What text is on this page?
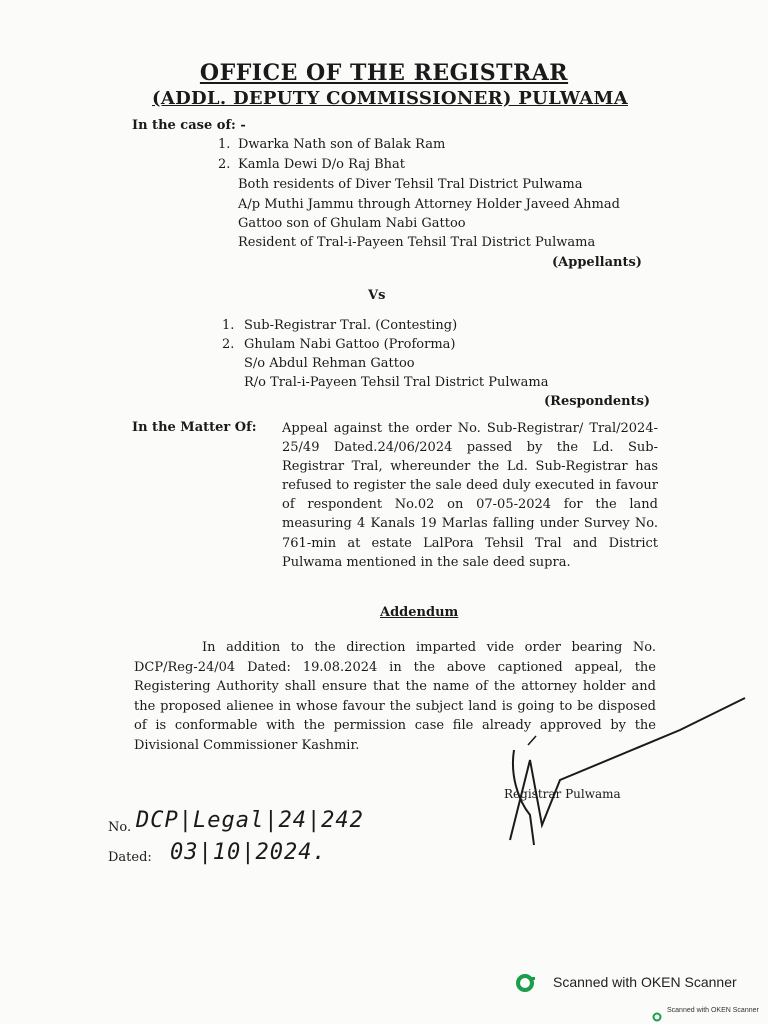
OFFICE OF THE REGISTRAR
(ADDL. DEPUTY COMMISSIONER) PULWAMA
In the case of: -
1. Dwarka Nath son of Balak Ram
2. Kamla Dewi D/o Raj Bhat
Both residents of Diver Tehsil Tral District Pulwama
A/p Muthi Jammu through Attorney Holder Javeed Ahmad
Gattoo son of Ghulam Nabi Gattoo
Resident of Tral-i-Payeen Tehsil Tral District Pulwama
(Appellants)
Vs
1. Sub-Registrar Tral. (Contesting)
2. Ghulam Nabi Gattoo (Proforma)
S/o Abdul Rehman Gattoo
R/o Tral-i-Payeen Tehsil Tral District Pulwama
(Respondents)
In the Matter Of: Appeal against the order No. Sub-Registrar/ Tral/2024-25/49 Dated.24/06/2024 passed by the Ld. Sub-Registrar Tral, whereunder the Ld. Sub-Registrar has refused to register the sale deed duly executed in favour of respondent No.02 on 07-05-2024 for the land measuring 4 Kanals 19 Marlas falling under Survey No. 761-min at estate LalPora Tehsil Tral and District Pulwama mentioned in the sale deed supra.
Addendum
In addition to the direction imparted vide order bearing No. DCP/Reg-24/04 Dated: 19.08.2024 in the above captioned appeal, the Registering Authority shall ensure that the name of the attorney holder and the proposed alienee in whose favour the subject land is going to be disposed of is conformable with the permission case file already approved by the Divisional Commissioner Kashmir.
Registrar Pulwama
No. DCP|Legal|24|242
Dated: 03|10|2024.
Scanned with OKEN Scanner
Scanned with OKEN Scanner
